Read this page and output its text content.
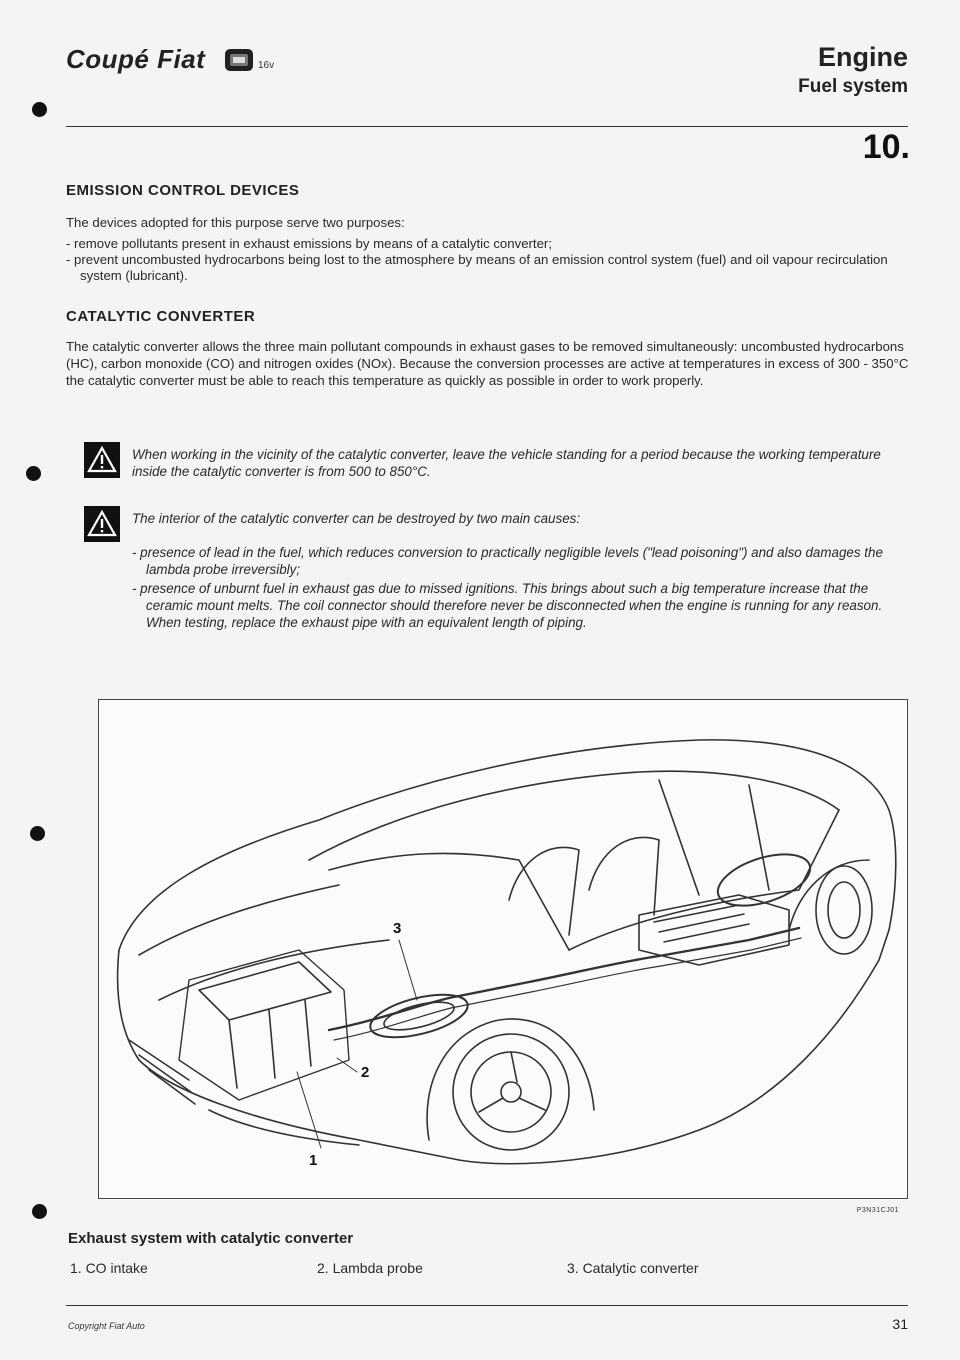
Coupé Fiat	16v	Engine
Fuel system
10.
EMISSION CONTROL DEVICES

The devices adopted for this purpose serve two purposes:

- remove pollutants present in exhaust emissions by means of a catalytic converter;
- prevent uncombusted hydrocarbons being lost to the atmosphere by means of an emission control system (fuel) and oil vapour recirculation system (lubricant).
CATALYTIC CONVERTER

The catalytic converter allows the three main pollutant compounds in exhaust gases to be removed simultaneously: uncombusted hydrocarbons (HC), carbon monoxide (CO) and nitrogen oxides (NOx). Because the conversion processes are active at temperatures in excess of 300 - 350°C the catalytic converter must be able to reach this temperature as quickly as possible in order to work properly.

When working in the vicinity of the catalytic converter, leave the vehicle standing for a period because the working temperature inside the catalytic converter is from 500 to 850°C.

The interior of the catalytic converter can be destroyed by two main causes:

- presence of lead in the fuel, which reduces conversion to practically negligible levels ("lead poisoning") and also damages the lambda probe irreversibly;
- presence of unburnt fuel in exhaust gas due to missed ignitions. This brings about such a big temperature increase that the ceramic mount melts. The coil connector should therefore never be disconnected when the engine is running for any reason. When testing, replace the exhaust pipe with an equivalent length of piping.
3
2
1
P3N31CJ01
Exhaust system with catalytic converter
1. CO intake	2. Lambda probe	3. Catalytic converter
Copyright Fiat Auto	31
